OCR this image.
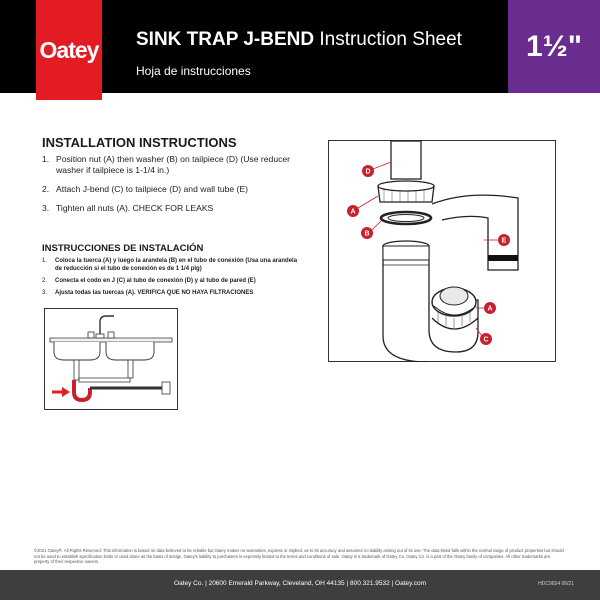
Oatey SINK TRAP J-BEND Instruction Sheet
Hoja de instrucciones
1½"
INSTALLATION INSTRUCTIONS
1. Position nut (A) then washer (B) on tailpiece (D) (Use reducer washer if tailpiece is 1-1/4 in.)
2. Attach J-bend (C) to tailpiece (D) and wall tube (E)
3. Tighten all nuts (A). CHECK FOR LEAKS
INSTRUCCIONES DE INSTALACIÓN
1.	Coloca la tuerca (A) y luego la arandela (B) en el tubo de conexión (Usa una arandela de reducción si el tubo de conexión es de 1 1/4 plg)
2.	Conecta el codo en J (C) al tubo de conexión (D) y al tubo de pared (E)
3.	Ajusta todas las tuercas (A). VERIFICA QUE NO HAYA FILTRACIONES
D
A
B
E
A
C
©2021 Oatey®. All Rights Reserved. This information is based on data believed to be reliable but Oatey makes no warranties, express or implied, as to its accuracy and assumes no liability arising out of its use. The data listed falls within the normal range of product properties but should not be used to establish specification limits or used alone as the basis of design. Oatey's liability to purchasers is expressly limited to the terms and conditions of sale. Oatey is a trademark of Oatey Co. Oatey Co. is a part of the Oatey family of companies. All other trademarks are property of their respective owners.
Oatey Co. | 20600 Emerald Parkway, Cleveland, OH 44135 | 800.321.9532 | Oatey.com	HDC9654 06/21
